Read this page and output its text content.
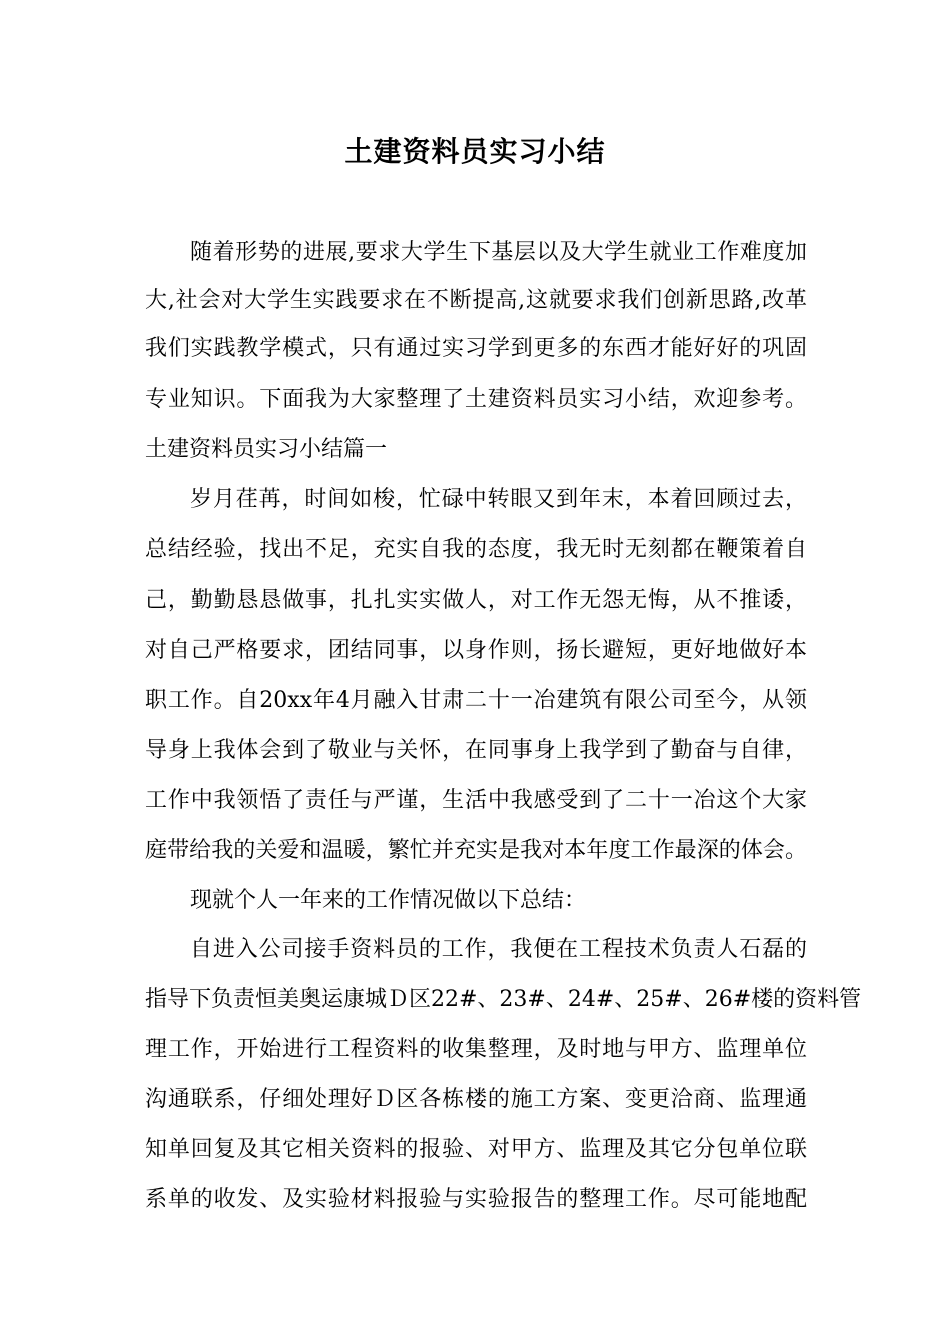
土建资料员实习小结
随着形势的进展,要求大学生下基层以及大学生就业工作难度加
大,社会对大学生实践要求在不断提高,这就要求我们创新思路,改革
我们实践教学模式，只有通过实习学到更多的东西才能好好的巩固
专业知识。下面我为大家整理了土建资料员实习小结，欢迎参考。
土建资料员实习小结篇一
岁月荏苒，时间如梭，忙碌中转眼又到年末，本着回顾过去，
总结经验，找出不足，充实自我的态度，我无时无刻都在鞭策着自
己，勤勤恳恳做事，扎扎实实做人，对工作无怨无悔，从不推诿，
对自己严格要求，团结同事，以身作则，扬长避短，更好地做好本
职工作。自20xx年4月融入甘肃二十一冶建筑有限公司至今，从领
导身上我体会到了敬业与关怀，在同事身上我学到了勤奋与自律，
工作中我领悟了责任与严谨，生活中我感受到了二十一冶这个大家
庭带给我的关爱和温暖，繁忙并充实是我对本年度工作最深的体会。
现就个人一年来的工作情况做以下总结：
自进入公司接手资料员的工作，我便在工程技术负责人石磊的
指导下负责恒美奥运康城Ｄ区22#、23#、24#、25#、26#楼的资料管
理工作，开始进行工程资料的收集整理，及时地与甲方、监理单位
沟通联系，仔细处理好Ｄ区各栋楼的施工方案、变更洽商、监理通
知单回复及其它相关资料的报验、对甲方、监理及其它分包单位联
系单的收发、及实验材料报验与实验报告的整理工作。尽可能地配
